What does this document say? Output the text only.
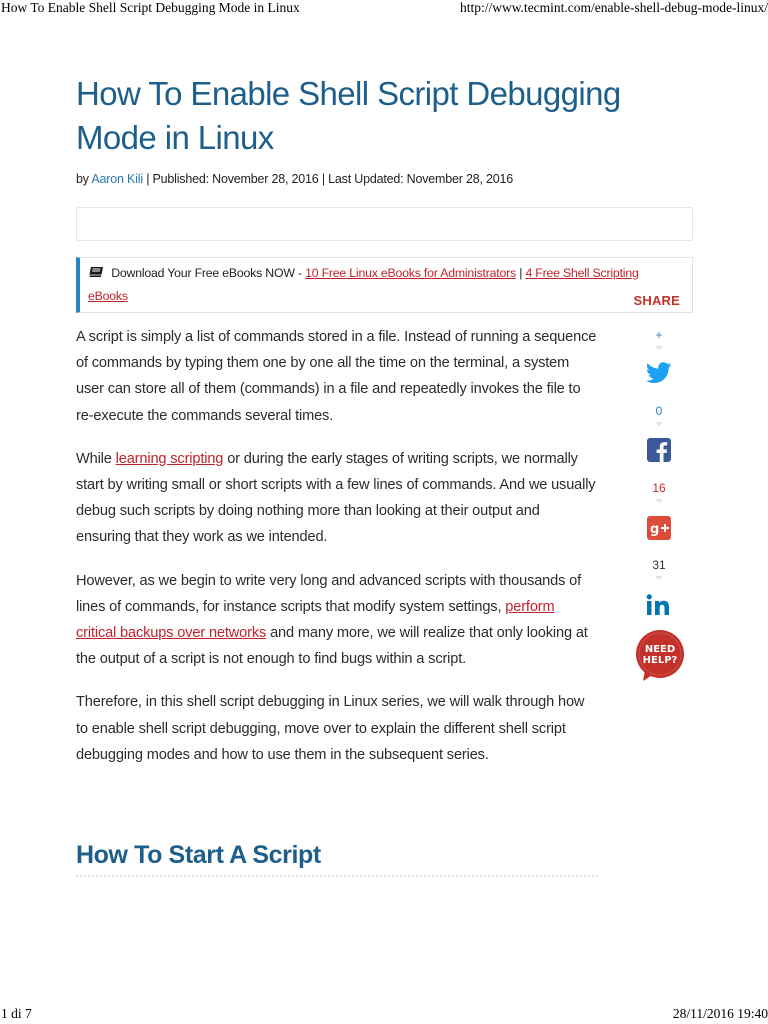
How To Enable Shell Script Debugging Mode in Linux	http://www.tecmint.com/enable-shell-debug-mode-linux/
How To Enable Shell Script Debugging Mode in Linux
by Aaron Kili | Published: November 28, 2016 | Last Updated: November 28, 2016
Download Your Free eBooks NOW - 10 Free Linux eBooks for Administrators | 4 Free Shell Scripting
eBooks	SHARE

A script is simply a list of commands stored in a file. Instead of running a sequence of commands by typing them one by one all the time on the terminal, a system user can store all of them (commands) in a file and repeatedly invokes the file to re-execute the commands several times.

While learning scripting or during the early stages of writing scripts, we normally start by writing small or short scripts with a few lines of commands. And we usually debug such scripts by doing nothing more than looking at their output and ensuring that they work as we intended.

However, as we begin to write very long and advanced scripts with thousands of lines of commands, for instance scripts that modify system settings, perform critical backups over networks and many more, we will realize that only looking at the output of a script is not enough to find bugs within a script.

Therefore, in this shell script debugging in Linux series, we will walk through how to enable shell script debugging, move over to explain the different shell script debugging modes and how to use them in the subsequent series.

How To Start A Script
+
0
16
g
31
NEED
HELP?
1 di 7	28/11/2016 19:40
